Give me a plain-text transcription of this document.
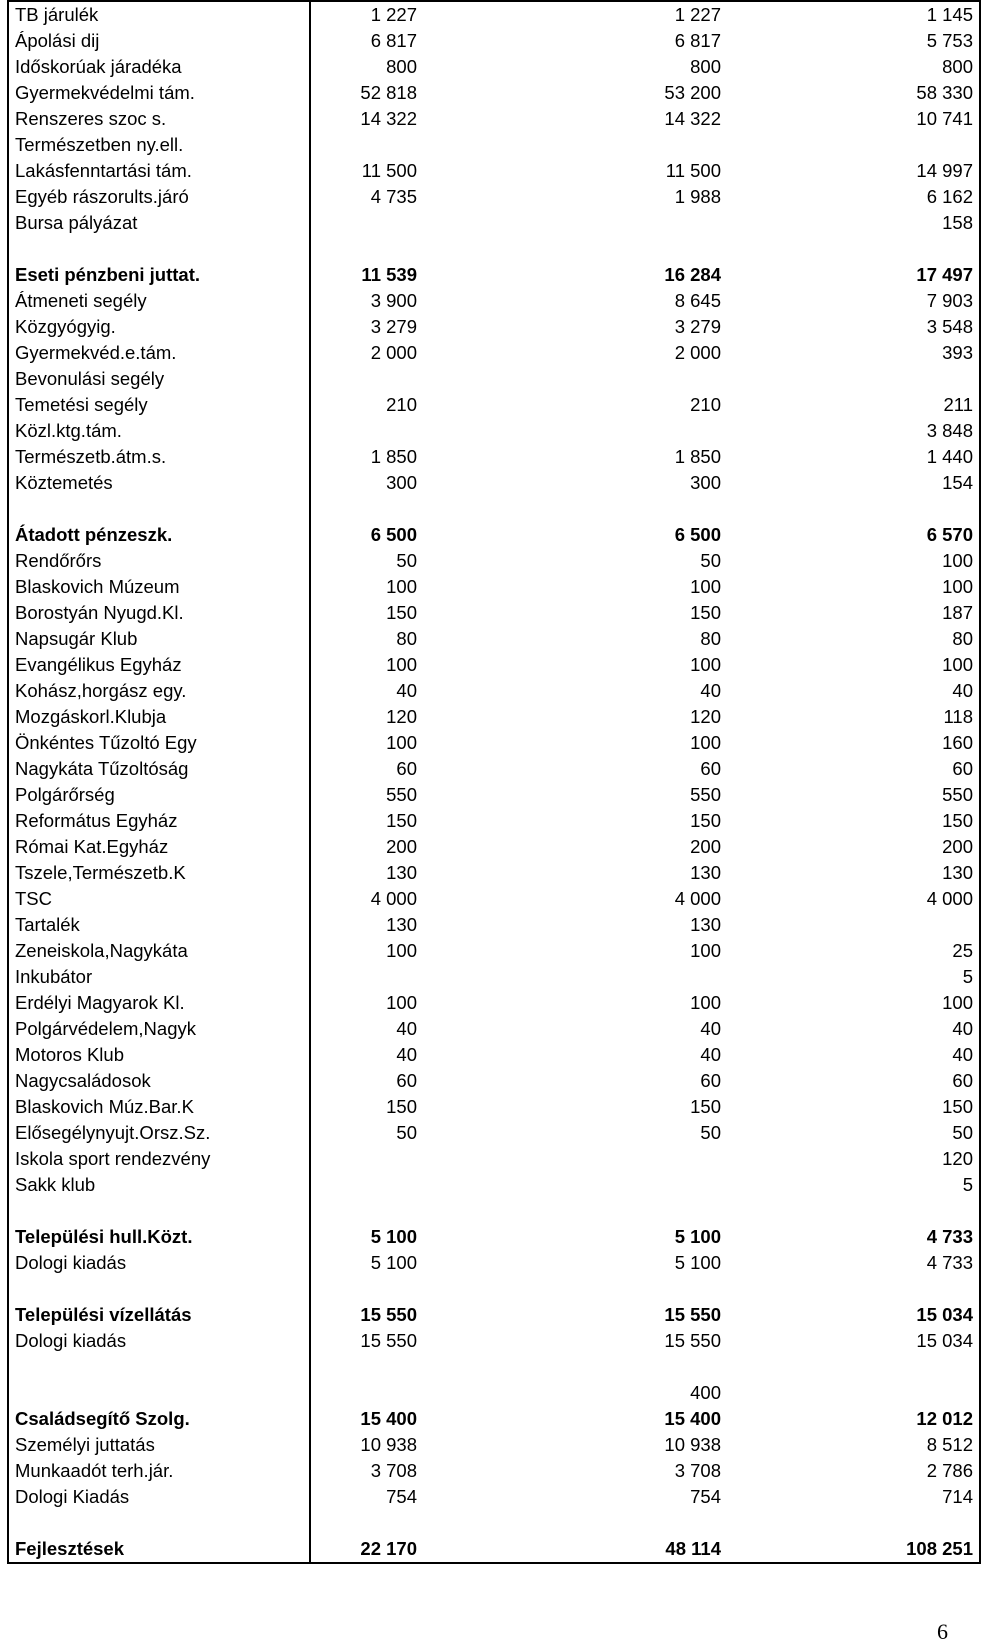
TB járulék	1 227	1 227	1 145
Ápolási dij	6 817	6 817	5 753
Időskorúak járadéka	800	800	800
Gyermekvédelmi tám.	52 818	53 200	58 330
Renszeres szoc s.	14 322	14 322	10 741
Természetben ny.ell.			
Lakásfenntartási tám.	11 500	11 500	14 997
Egyéb rászorults.járó	4 735	1 988	6 162
Bursa pályázat			158

Eseti pénzbeni juttat.	11 539	16 284	17 497
Átmeneti segély	3 900	8 645	7 903
Közgyógyig.	3 279	3 279	3 548
Gyermekvéd.e.tám.	2 000	2 000	393
Bevonulási segély			
Temetési segély	210	210	211
Közl.ktg.tám.			3 848
Természetb.átm.s.	1 850	1 850	1 440
Köztemetés	300	300	154

Átadott pénzeszk.	6 500	6 500	6 570
Rendőrőrs	50	50	100
Blaskovich Múzeum	100	100	100
Borostyán Nyugd.Kl.	150	150	187
Napsugár Klub	80	80	80
Evangélikus Egyház	100	100	100
Kohász,horgász egy.	40	40	40
Mozgáskorl.Klubja	120	120	118
Önkéntes Tűzoltó Egy	100	100	160
Nagykáta Tűzoltóság	60	60	60
Polgárőrség	550	550	550
Református Egyház	150	150	150
Római Kat.Egyház	200	200	200
Tszele,Természetb.K	130	130	130
TSC	4 000	4 000	4 000
Tartalék	130	130	
Zeneiskola,Nagykáta	100	100	25
Inkubátor			5
Erdélyi Magyarok Kl.	100	100	100
Polgárvédelem,Nagyk	40	40	40
Motoros Klub	40	40	40
Nagycsaládosok	60	60	60
Blaskovich Múz.Bar.K	150	150	150
Elősegélynyujt.Orsz.Sz.	50	50	50
Iskola sport rendezvény			120
Sakk klub			5

Települési hull.Közt.	5 100	5 100	4 733
Dologi kiadás	5 100	5 100	4 733

Települési vízellátás	15 550	15 550	15 034
Dologi kiadás	15 550	15 550	15 034

		400	
Családsegítő Szolg.	15 400	15 400	12 012
Személyi juttatás	10 938	10 938	8 512
Munkaadót terh.jár.	3 708	3 708	2 786
Dologi Kiadás	754	754	714

Fejlesztések	22 170	48 114	108 251
6
